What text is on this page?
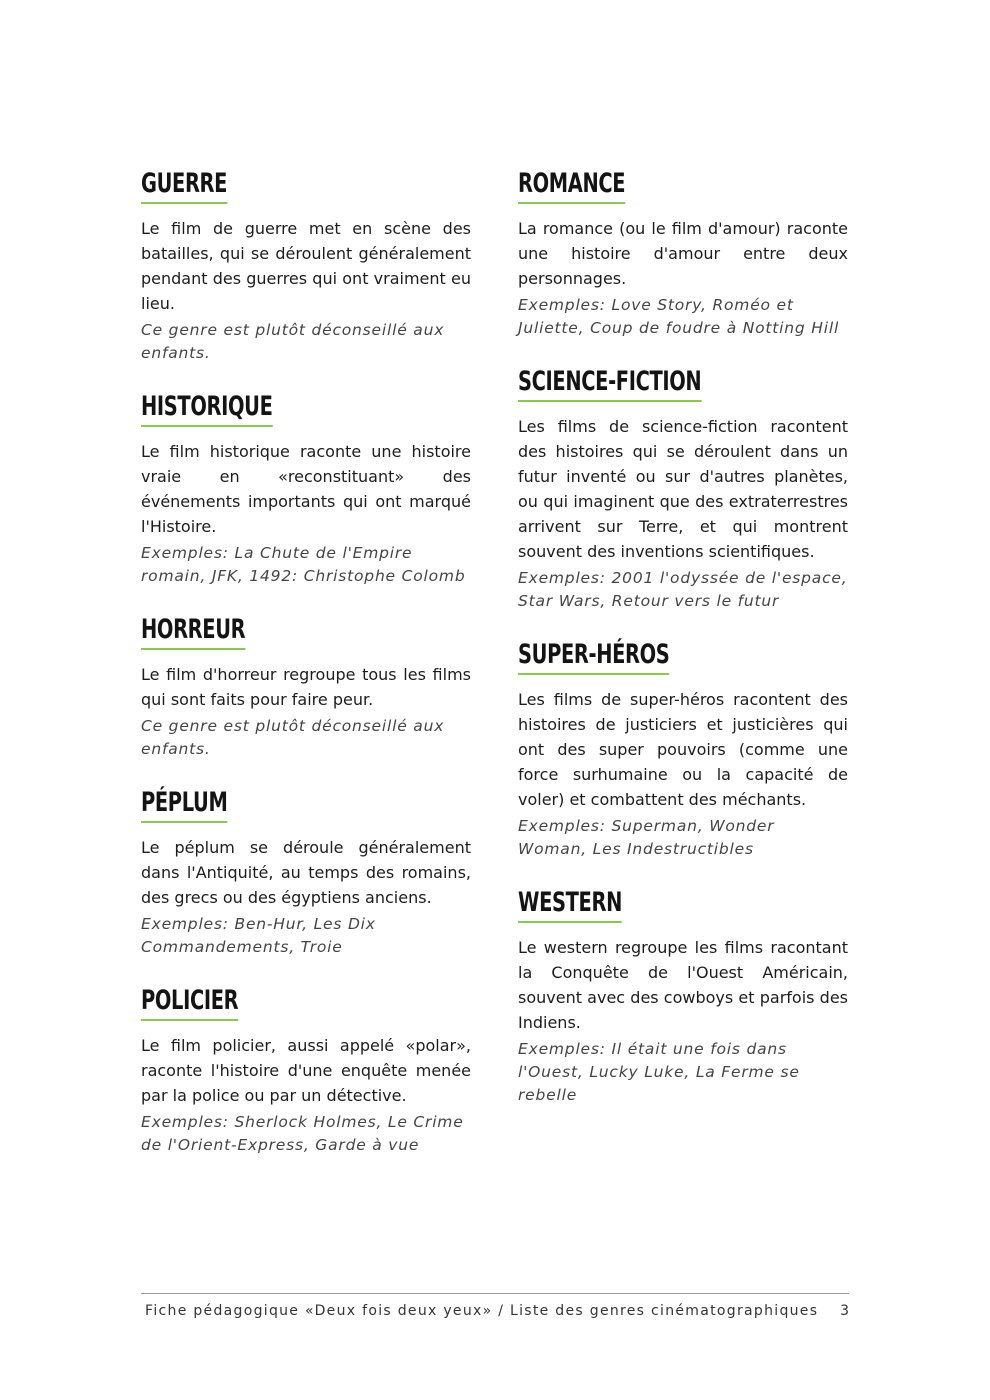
GUERRE

Le film de guerre met en scène des batailles, qui se déroulent généralement pendant des guerres qui ont vraiment eu lieu.

Ce genre est plutôt déconseillé aux enfants.

HISTORIQUE

Le film historique raconte une histoire vraie en «reconstituant» des événements importants qui ont marqué l'Histoire.

Exemples: La Chute de l'Empire romain, JFK, 1492: Christophe Colomb

HORREUR

Le film d'horreur regroupe tous les films qui sont faits pour faire peur.

Ce genre est plutôt déconseillé aux enfants.

PÉPLUM

Le péplum se déroule généralement dans l'Antiquité, au temps des romains, des grecs ou des égyptiens anciens.

Exemples: Ben-Hur, Les Dix Commandements, Troie

POLICIER

Le film policier, aussi appelé «polar», raconte l'histoire d'une enquête menée par la police ou par un détective.

Exemples: Sherlock Holmes, Le Crime de l'Orient-Express, Garde à vue

ROMANCE

La romance (ou le film d'amour) raconte une histoire d'amour entre deux personnages.

Exemples: Love Story, Roméo et Juliette, Coup de foudre à Notting Hill

SCIENCE-FICTION

Les films de science-fiction racontent des histoires qui se déroulent dans un futur inventé ou sur d'autres planètes, ou qui imaginent que des extraterrestres arrivent sur Terre, et qui montrent souvent des inventions scientifiques.

Exemples: 2001 l'odyssée de l'espace, Star Wars, Retour vers le futur

SUPER-HÉROS

Les films de super-héros racontent des histoires de justiciers et justicières qui ont des super pouvoirs (comme une force surhumaine ou la capacité de voler) et combattent des méchants.

Exemples: Superman, Wonder Woman, Les Indestructibles

WESTERN

Le western regroupe les films racontant la Conquête de l'Ouest Américain, souvent avec des cowboys et parfois des Indiens.

Exemples: Il était une fois dans l'Ouest, Lucky Luke, La Ferme se rebelle

Fiche pédagogique «Deux fois deux yeux» / Liste des genres cinématographiques 3
